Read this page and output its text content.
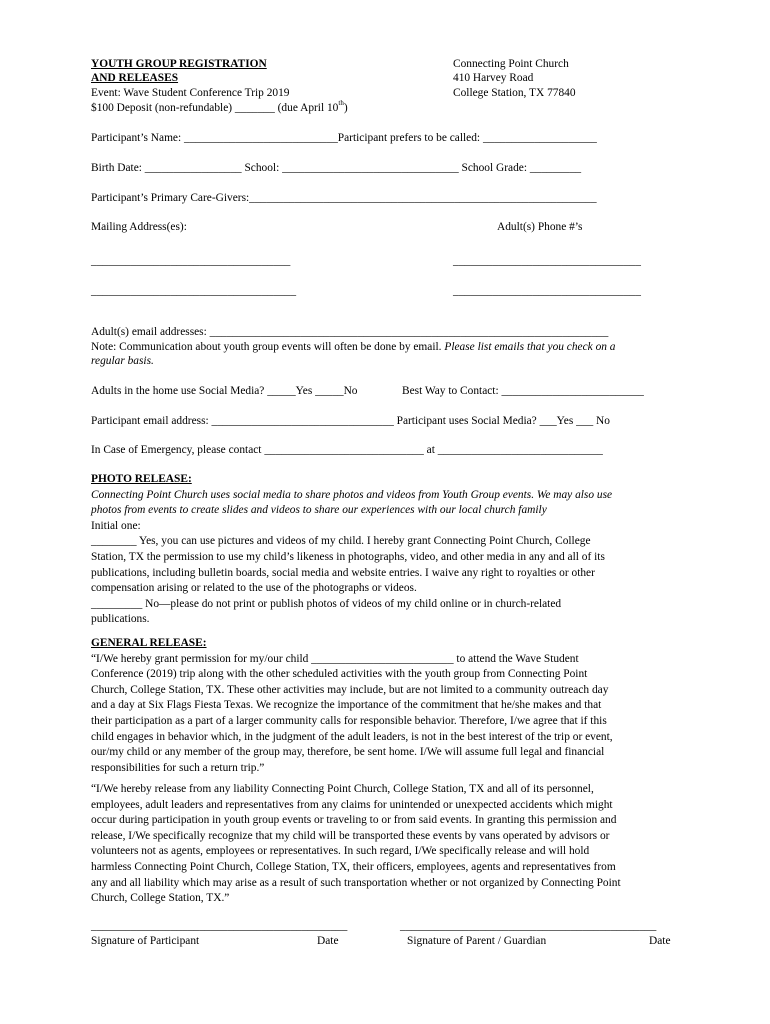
YOUTH GROUP REGISTRATION
AND RELEASES
Event: Wave Student Conference Trip 2019
$100 Deposit (non-refundable) _______ (due April 10th)
Connecting Point Church
410 Harvey Road
College Station, TX 77840
Participant’s Name: ___________________________Participant prefers to be called: ____________________
Birth Date: _________________ School: _______________________________ School Grade: _________
Participant’s Primary Care-Givers:_____________________________________________________________
Mailing Address(es):	Adult(s) Phone #’s
___________________________________	_________________________________
____________________________________	_________________________________
Adult(s) email addresses: ______________________________________________________________________
Note: Communication about youth group events will often be done by email. Please list emails that you check on a
regular basis.
Adults in the home use Social Media? _____Yes _____No	Best Way to Contact: _________________________
Participant email address: ________________________________ Participant uses Social Media? ___Yes ___ No
In Case of Emergency, please contact ____________________________ at _____________________________

PHOTO RELEASE:

Connecting Point Church uses social media to share photos and videos from Youth Group events. We may also use

photos from events to create slides and videos to share our experiences with our local church family

Initial one:

________ Yes, you can use pictures and videos of my child. I hereby grant Connecting Point Church, College

Station, TX the permission to use my child’s likeness in photographs, video, and other media in any and all of its

publications, including bulletin boards, social media and website entries. I waive any right to royalties or other

compensation arising or related to the use of the photographs or videos.

_________ No—please do not print or publish photos of videos of my child online or in church-related

publications.

GENERAL RELEASE:

“I/We hereby grant permission for my/our child _________________________ to attend the Wave Student

Conference (2019) trip along with the other scheduled activities with the youth group from Connecting Point

Church, College Station, TX. These other activities may include, but are not limited to a community outreach day

and a day at Six Flags Fiesta Texas. We recognize the importance of the commitment that he/she makes and that

their participation as a part of a larger community calls for responsible behavior. Therefore, I/we agree that if this

child engages in behavior which, in the judgment of the adult leaders, is not in the best interest of the trip or event,

our/my child or any member of the group may, therefore, be sent home. I/We will assume full legal and financial

responsibilities for such a return trip.”

“I/We hereby release from any liability Connecting Point Church, College Station, TX and all of its personnel,

employees, adult leaders and representatives from any claims for unintended or unexpected accidents which might

occur during participation in youth group events or traveling to or from said events. In granting this permission and

release, I/We specifically recognize that my child will be transported these events by vans operated by advisors or

volunteers not as agents, employees or representatives. In such regard, I/We specifically release and will hold

harmless Connecting Point Church, College Station, TX, their officers, employees, agents and representatives from

any and all liability which may arise as a result of such transportation whether or not organized by Connecting Point

Church, College Station, TX.”

_____________________________________________	_____________________________________________
Signature of Participant	Date	Signature of Parent / Guardian	Date
